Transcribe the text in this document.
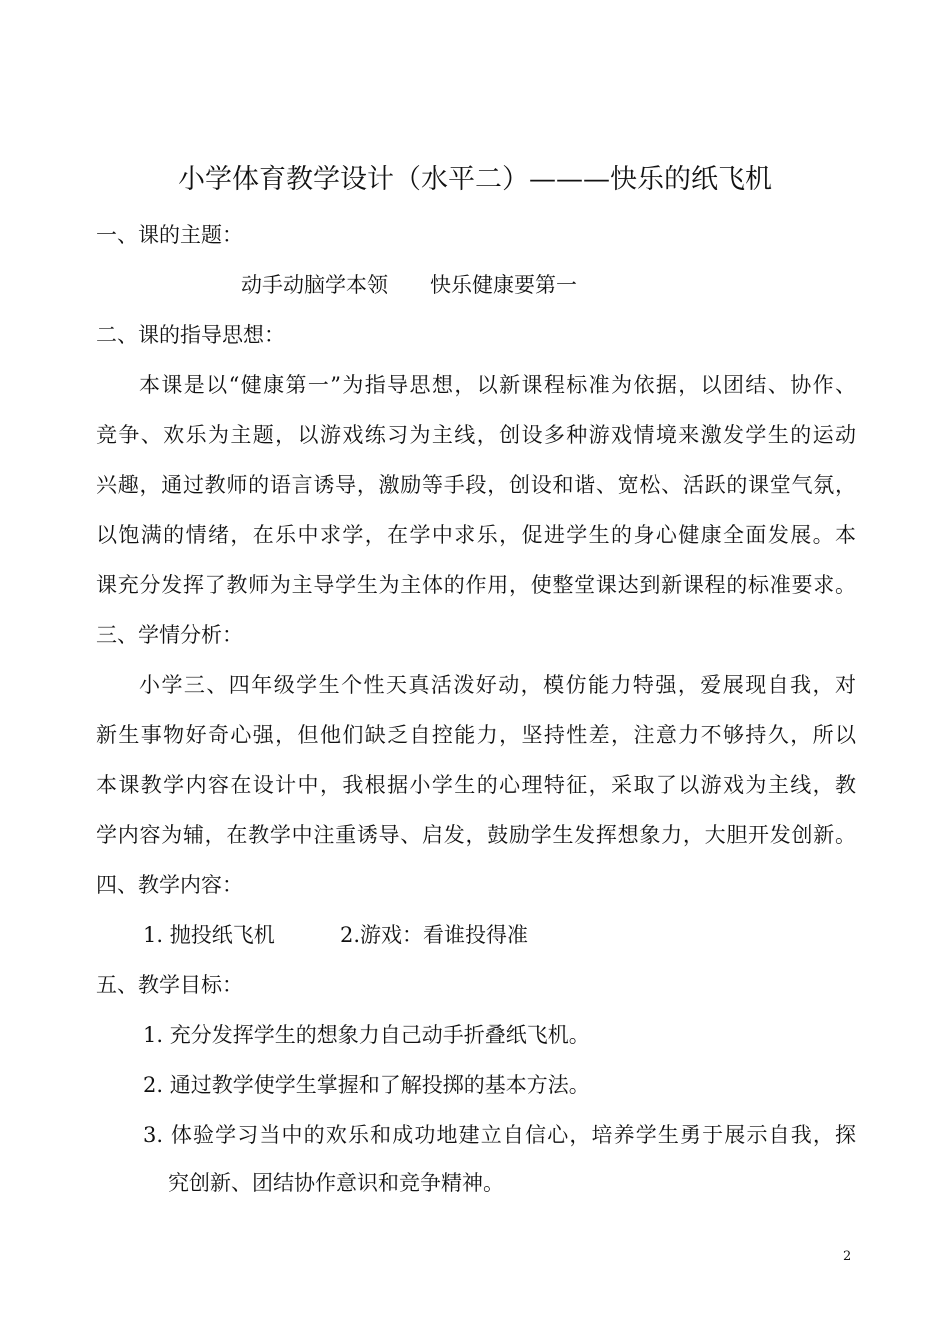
小学体育教学设计（水平二）———快乐的纸飞机
一、课的主题：
动手动脑学本领 快乐健康要第一
二、课的指导思想：
本课是以“健康第一”为指导思想，以新课程标准为依据，以团结、协作、
竞争、欢乐为主题，以游戏练习为主线，创设多种游戏情境来激发学生的运动
兴趣，通过教师的语言诱导，激励等手段，创设和谐、宽松、活跃的课堂气氛，
以饱满的情绪，在乐中求学，在学中求乐，促进学生的身心健康全面发展。本
课充分发挥了教师为主导学生为主体的作用，使整堂课达到新课程的标准要求。
三、学情分析：
小学三、四年级学生个性天真活泼好动，模仿能力特强，爱展现自我，对
新生事物好奇心强，但他们缺乏自控能力，坚持性差，注意力不够持久，所以
本课教学内容在设计中，我根据小学生的心理特征，采取了以游戏为主线，教
学内容为辅，在教学中注重诱导、启发，鼓励学生发挥想象力，大胆开发创新。
四、教学内容：
1. 抛投纸飞机	2.游戏：看谁投得准
五、教学目标：
1. 充分发挥学生的想象力自己动手折叠纸飞机。
2. 通过教学使学生掌握和了解投掷的基本方法。
3. 体验学习当中的欢乐和成功地建立自信心，培养学生勇于展示自我，探
究创新、团结协作意识和竞争精神。
2
